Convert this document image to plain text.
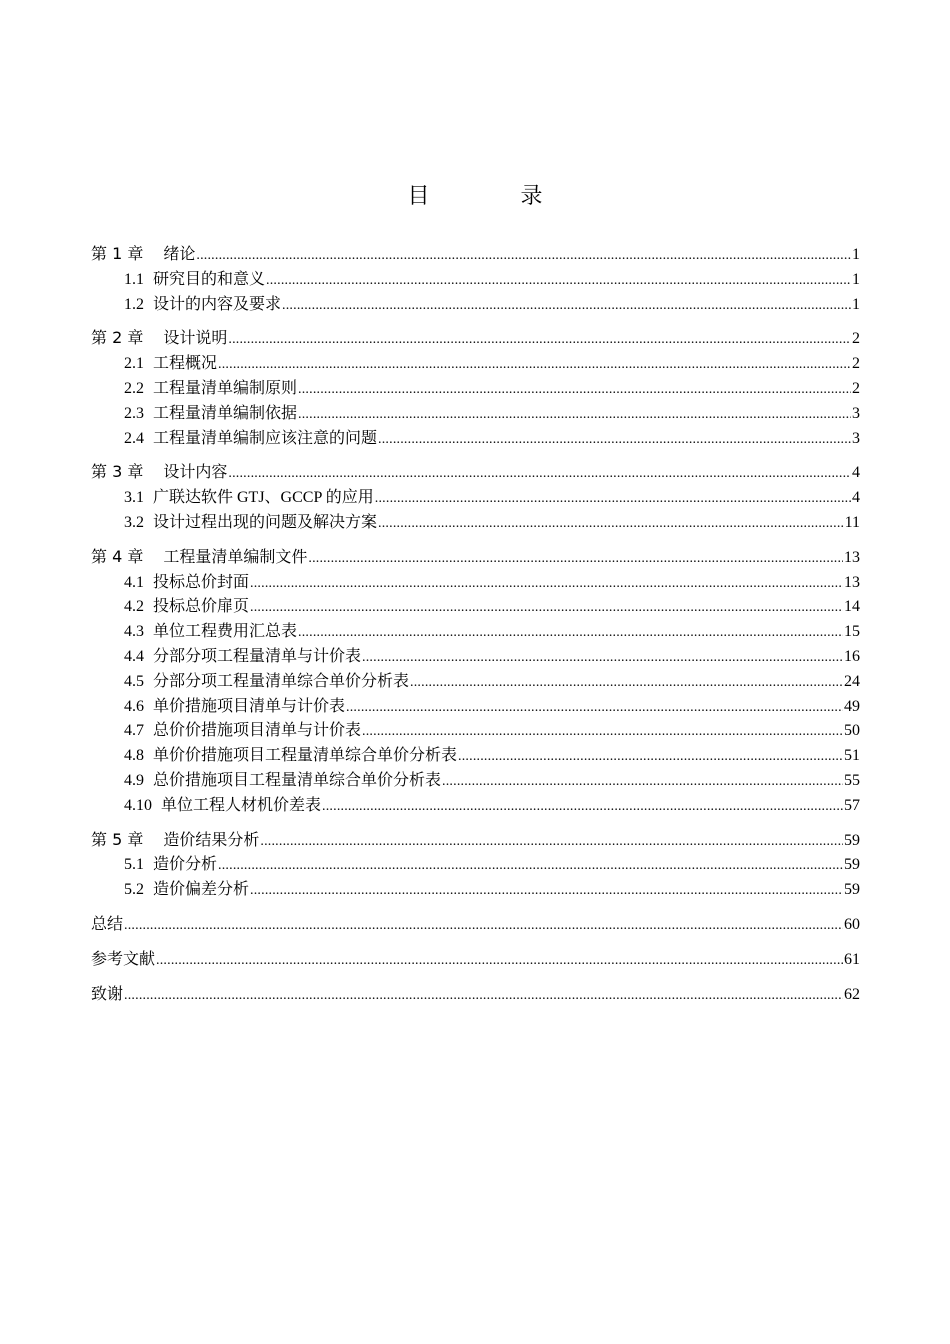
目 录
第 1 章 绪论 .....	1
1.1 研究目的和意义 .....	1
1.2 设计的内容及要求 .....	1
第 2 章 设计说明 .....	2
2.1 工程概况 .....	2
2.2 工程量清单编制原则 .....	2
2.3 工程量清单编制依据 .....	3
2.4 工程量清单编制应该注意的问题 .....	3
第 3 章 设计内容 .....	4
3.1 广联达软件 GTJ、GCCP 的应用 .....	4
3.2 设计过程出现的问题及解决方案 .....	11
第 4 章 工程量清单编制文件 .....	13
4.1 投标总价封面 .....	13
4.2 投标总价扉页 .....	14
4.3 单位工程费用汇总表 .....	15
4.4 分部分项工程量清单与计价表 .....	16
4.5 分部分项工程量清单综合单价分析表 .....	24
4.6 单价措施项目清单与计价表 .....	49
4.7 总价价措施项目清单与计价表 .....	50
4.8 单价价措施项目工程量清单综合单价分析表 .....	51
4.9 总价措施项目工程量清单综合单价分析表 .....	55
4.10 单位工程人材机价差表 .....	57
第 5 章 造价结果分析 .....	59
5.1 造价分析 .....	59
5.2 造价偏差分析 .....	59
总结 .....	60
参考文献 .....	61
致谢 .....	62
